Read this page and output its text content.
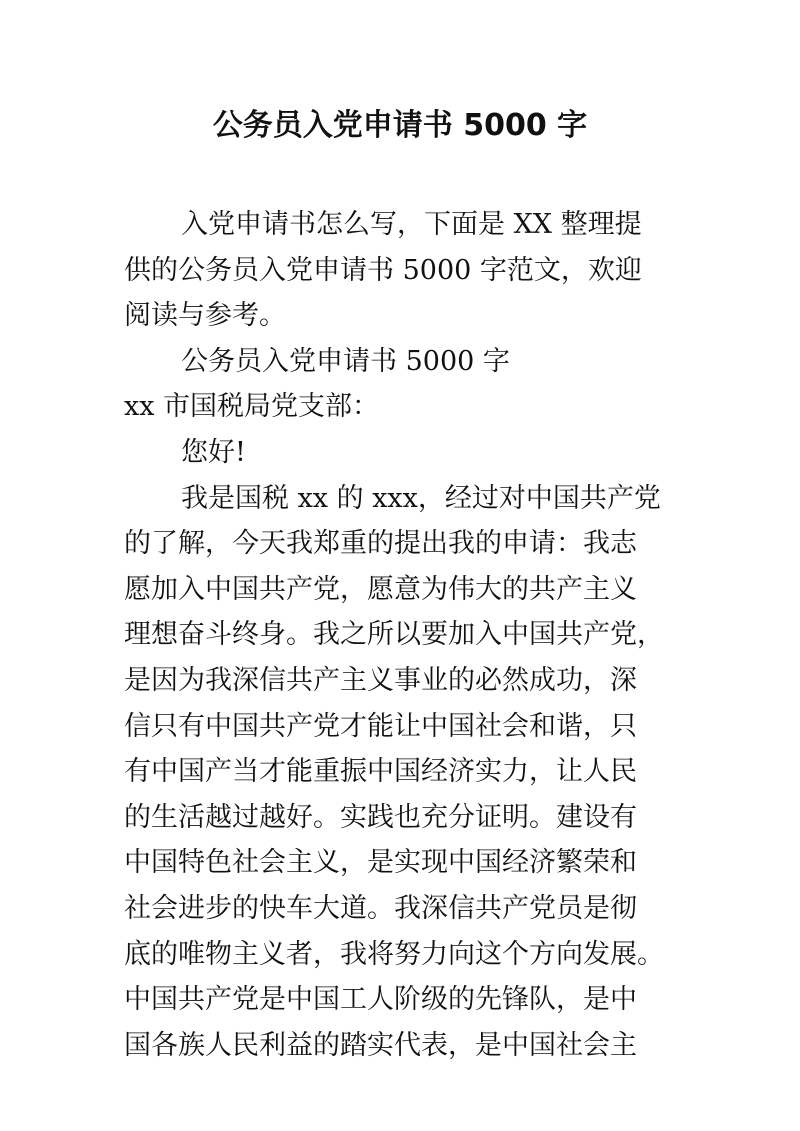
公务员入党申请书 5000 字
入党申请书怎么写，下面是 XX 整理提
供的公务员入党申请书 5000 字范文，欢迎
阅读与参考。
公务员入党申请书 5000 字
xx 市国税局党支部：
您好!
我是国税 xx 的 xxx，经过对中国共产党
的了解，今天我郑重的提出我的申请：我志
愿加入中国共产党，愿意为伟大的共产主义
理想奋斗终身。我之所以要加入中国共产党，
是因为我深信共产主义事业的必然成功，深
信只有中国共产党才能让中国社会和谐，只
有中国产当才能重振中国经济实力，让人民
的生活越过越好。实践也充分证明。建设有
中国特色社会主义，是实现中国经济繁荣和
社会进步的快车大道。我深信共产党员是彻
底的唯物主义者，我将努力向这个方向发展。
中国共产党是中国工人阶级的先锋队，是中
国各族人民利益的踏实代表，是中国社会主
